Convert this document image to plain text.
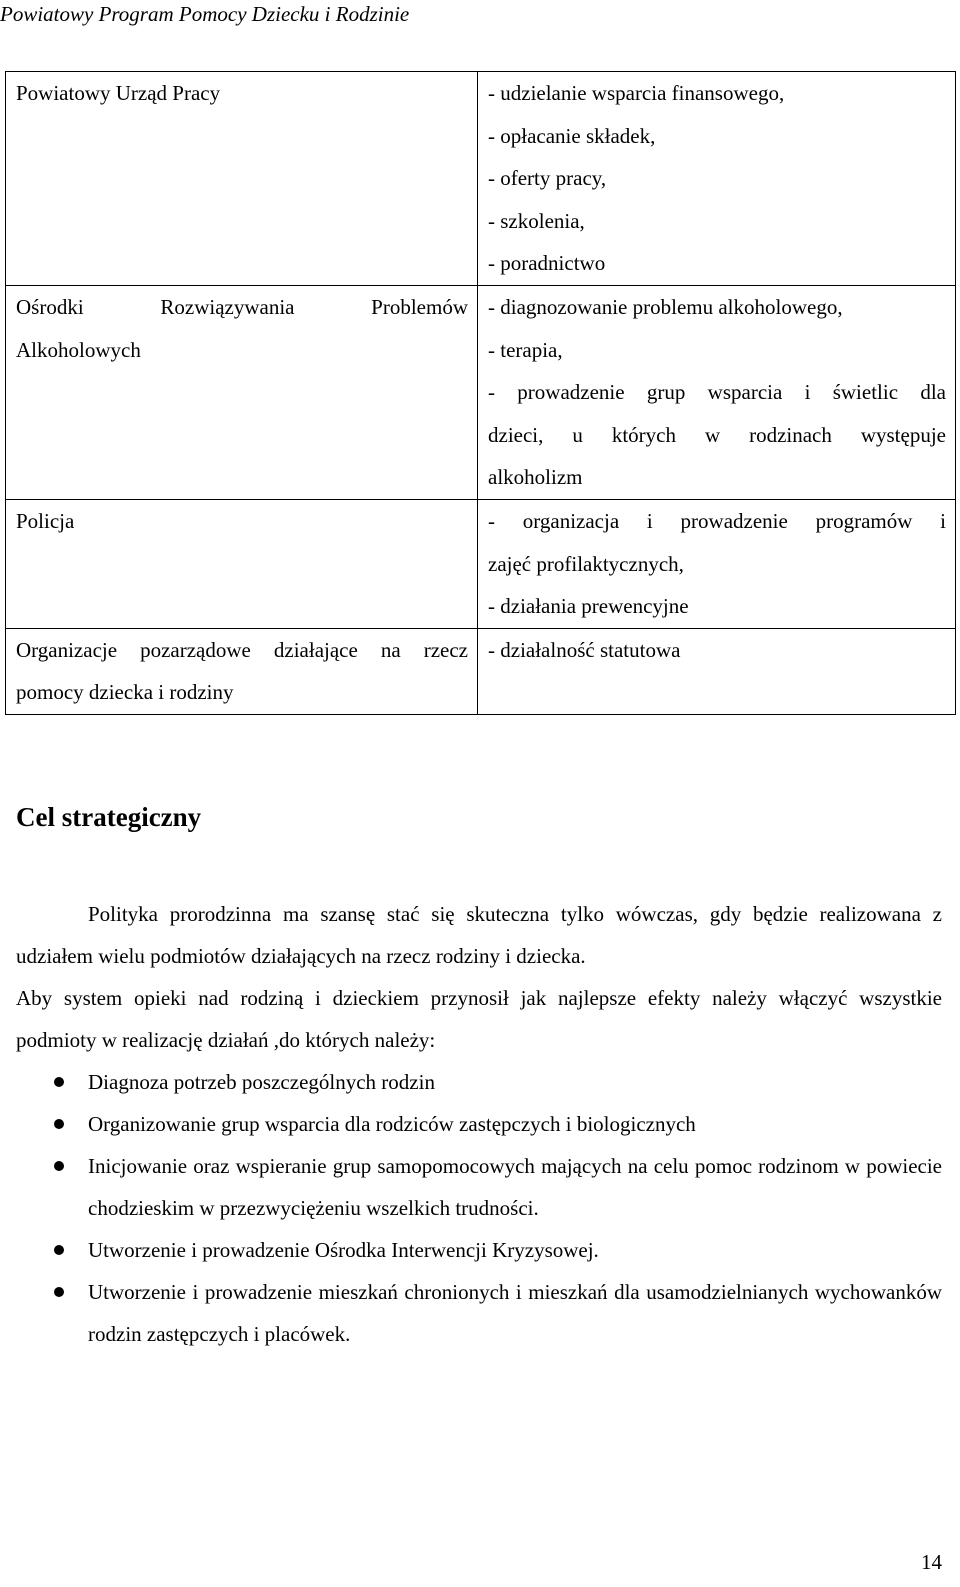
Powiatowy Program Pomocy Dziecku i Rodzinie
Powiatowy Urząd Pracy	- udzielanie wsparcia finansowego,
- opłacanie składek,
- oferty pracy,
- szkolenia,
- poradnictwo

Ośrodki Rozwiązywania Problemów
Alkoholowych	- diagnozowanie problemu alkoholowego,
- terapia,
- prowadzenie grup wsparcia i świetlic dla
dzieci, u których w rodzinach występuje
alkoholizm

Policja	- organizacja i prowadzenie programów i
zajęć profilaktycznych,
- działania prewencyjne

Organizacje pozarządowe działające na rzecz
pomocy dziecka i rodziny	- działalność statutowa
Cel strategiczny

Polityka prorodzinna ma szansę stać się skuteczna tylko wówczas, gdy będzie realizowana z udziałem wielu podmiotów działających na rzecz rodziny i dziecka.

Aby system opieki nad rodziną i dzieckiem przynosił jak najlepsze efekty należy włączyć wszystkie podmioty w realizację działań ,do których należy:

Diagnoza potrzeb poszczególnych rodzin
Organizowanie grup wsparcia dla rodziców zastępczych i biologicznych
Inicjowanie oraz wspieranie grup samopomocowych mających na celu pomoc rodzinom w powiecie chodzieskim w przezwyciężeniu wszelkich trudności.
Utworzenie i prowadzenie Ośrodka Interwencji Kryzysowej.
Utworzenie i prowadzenie mieszkań chronionych i mieszkań dla usamodzielnianych wychowanków rodzin zastępczych i placówek.
14
